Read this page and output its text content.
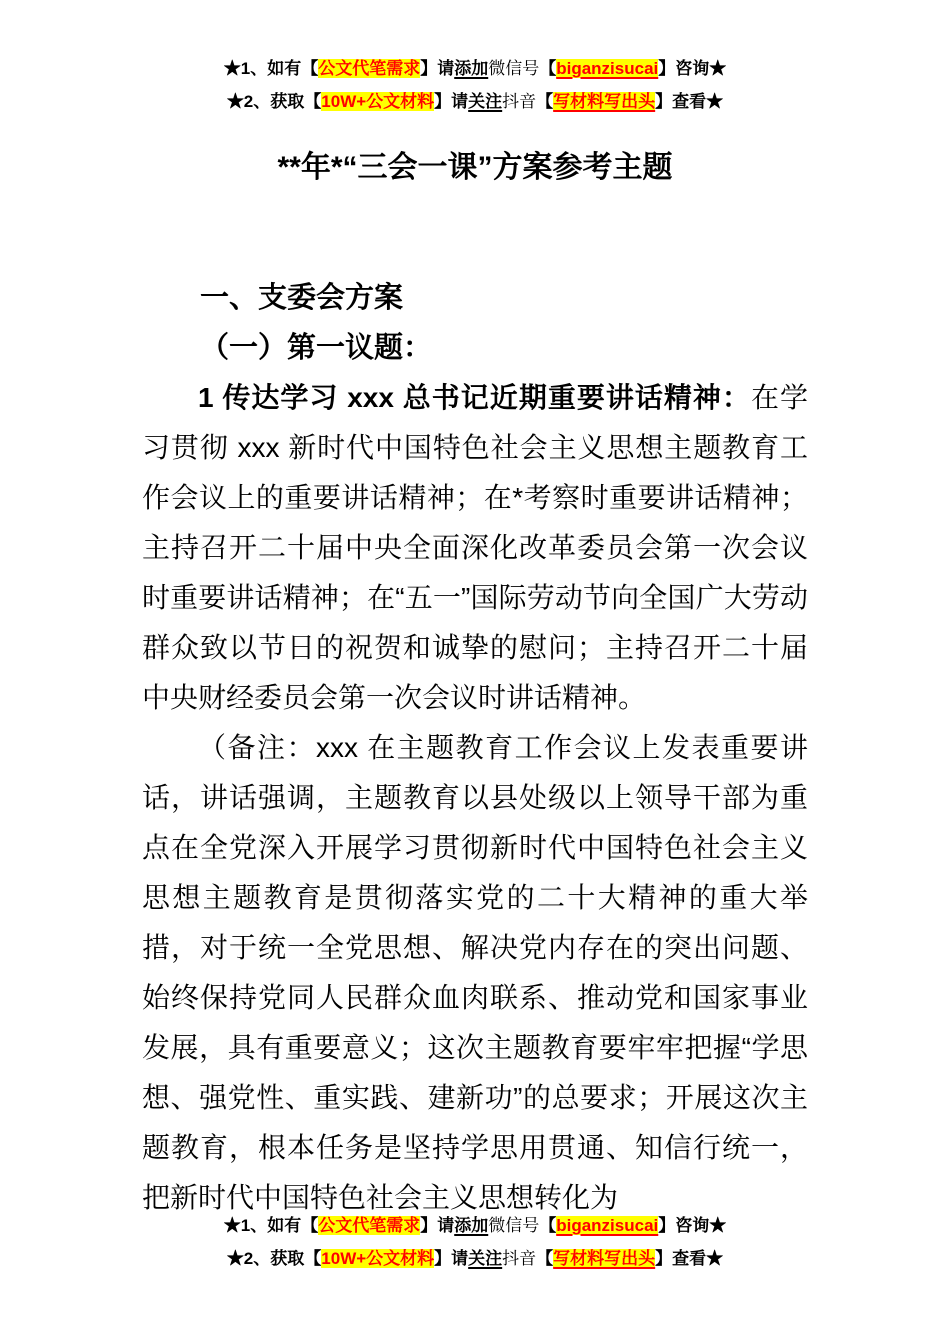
★1、如有【公文代笔需求】请添加微信号【biganzisucai】咨询★
★2、获取【10W+公文材料】请关注抖音【写材料写出头】查看★
**年*“三会一课”方案参考主题
一、支委会方案
（一）第一议题：

1 传达学习 xxx 总书记近期重要讲话精神：在学习贯彻 xxx 新时代中国特色社会主义思想主题教育工作会议上的重要讲话精神；在*考察时重要讲话精神；主持召开二十届中央全面深化改革委员会第一次会议时重要讲话精神；在“五一”国际劳动节向全国广大劳动群众致以节日的祝贺和诚挚的慰问；主持召开二十届中央财经委员会第一次会议时讲话精神。

（备注：xxx 在主题教育工作会议上发表重要讲话，讲话强调，主题教育以县处级以上领导干部为重点在全党深入开展学习贯彻新时代中国特色社会主义思想主题教育是贯彻落实党的二十大精神的重大举措，对于统一全党思想、解决党内存在的突出问题、始终保持党同人民群众血肉联系、推动党和国家事业发展，具有重要意义；这次主题教育要牢牢把握“学思想、强党性、重实践、建新功”的总要求；开展这次主题教育，根本任务是坚持学思用贯通、知信行统一，把新时代中国特色社会主义思想转化为

★1、如有【公文代笔需求】请添加微信号【biganzisucai】咨询★
★2、获取【10W+公文材料】请关注抖音【写材料写出头】查看★
